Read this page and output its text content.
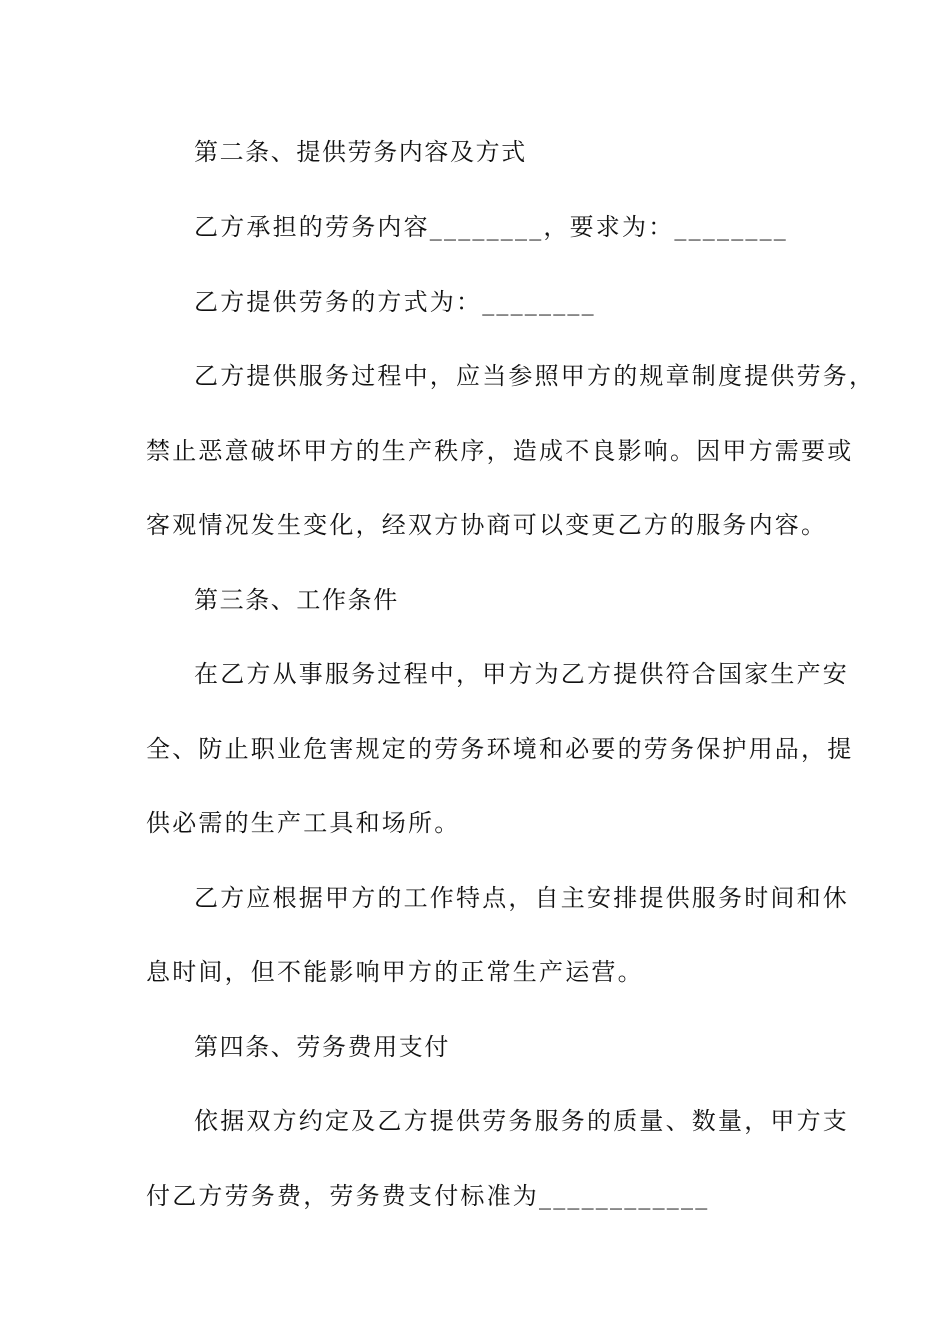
第二条、提供劳务内容及方式
乙方承担的劳务内容________，要求为：________
乙方提供劳务的方式为：________
乙方提供服务过程中，应当参照甲方的规章制度提供劳务，
禁止恶意破坏甲方的生产秩序，造成不良影响。因甲方需要或
客观情况发生变化，经双方协商可以变更乙方的服务内容。
第三条、工作条件
在乙方从事服务过程中，甲方为乙方提供符合国家生产安
全、防止职业危害规定的劳务环境和必要的劳务保护用品，提
供必需的生产工具和场所。
乙方应根据甲方的工作特点，自主安排提供服务时间和休
息时间，但不能影响甲方的正常生产运营。
第四条、劳务费用支付
依据双方约定及乙方提供劳务服务的质量、数量，甲方支
付乙方劳务费，劳务费支付标准为____________
